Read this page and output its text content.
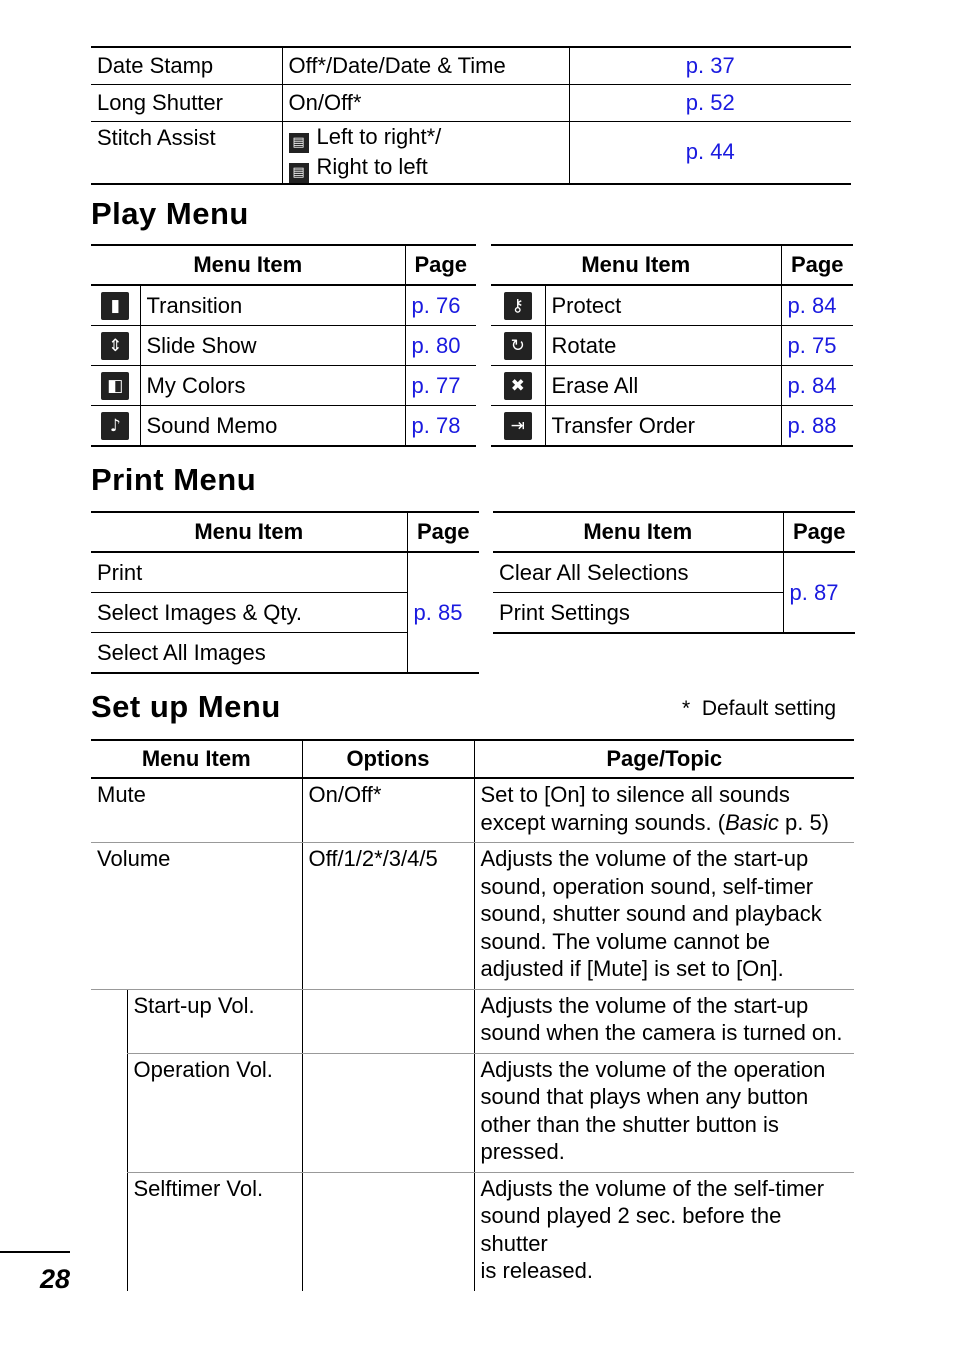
Date Stamp	Off*/Date/Date & Time	p. 37
Long Shutter	On/Off*	p. 52
Stitch Assist	▤ Left to right*/
▤ Right to left	p. 44
Play Menu
Menu Item		Page
▮	Transition	p. 76
⇕	Slide Show	p. 80
◧	My Colors	p. 77
♪	Sound Memo	p. 78
Menu Item		Page
⚷	Protect	p. 84
↻	Rotate	p. 75
✖	Erase All	p. 84
⇥	Transfer Order	p. 88
Print Menu
Menu Item	Page
Print	p. 85
Select Images & Qty.	
Select All Images	
Menu Item	Page
Clear All Selections	p. 87
Print Settings	
Set up Menu	*  Default setting
Menu Item		Options	Page/Topic
Mute		On/Off*	Set to [On] to silence all sounds
except warning sounds. (Basic p. 5)

Volume		Off/1/2*/3/4/5	Adjusts the volume of the start-up
sound, operation sound, self-timer
sound, shutter sound and playback
sound. The volume cannot be
adjusted if [Mute] is set to [On].

	Start-up Vol.		Adjusts the volume of the start-up
sound when the camera is turned on.

	Operation Vol.		Adjusts the volume of the operation
sound that plays when any button
other than the shutter button is
pressed.

	Selftimer Vol.		Adjusts the volume of the self-timer
sound played 2 sec. before the shutter
is released.
28
